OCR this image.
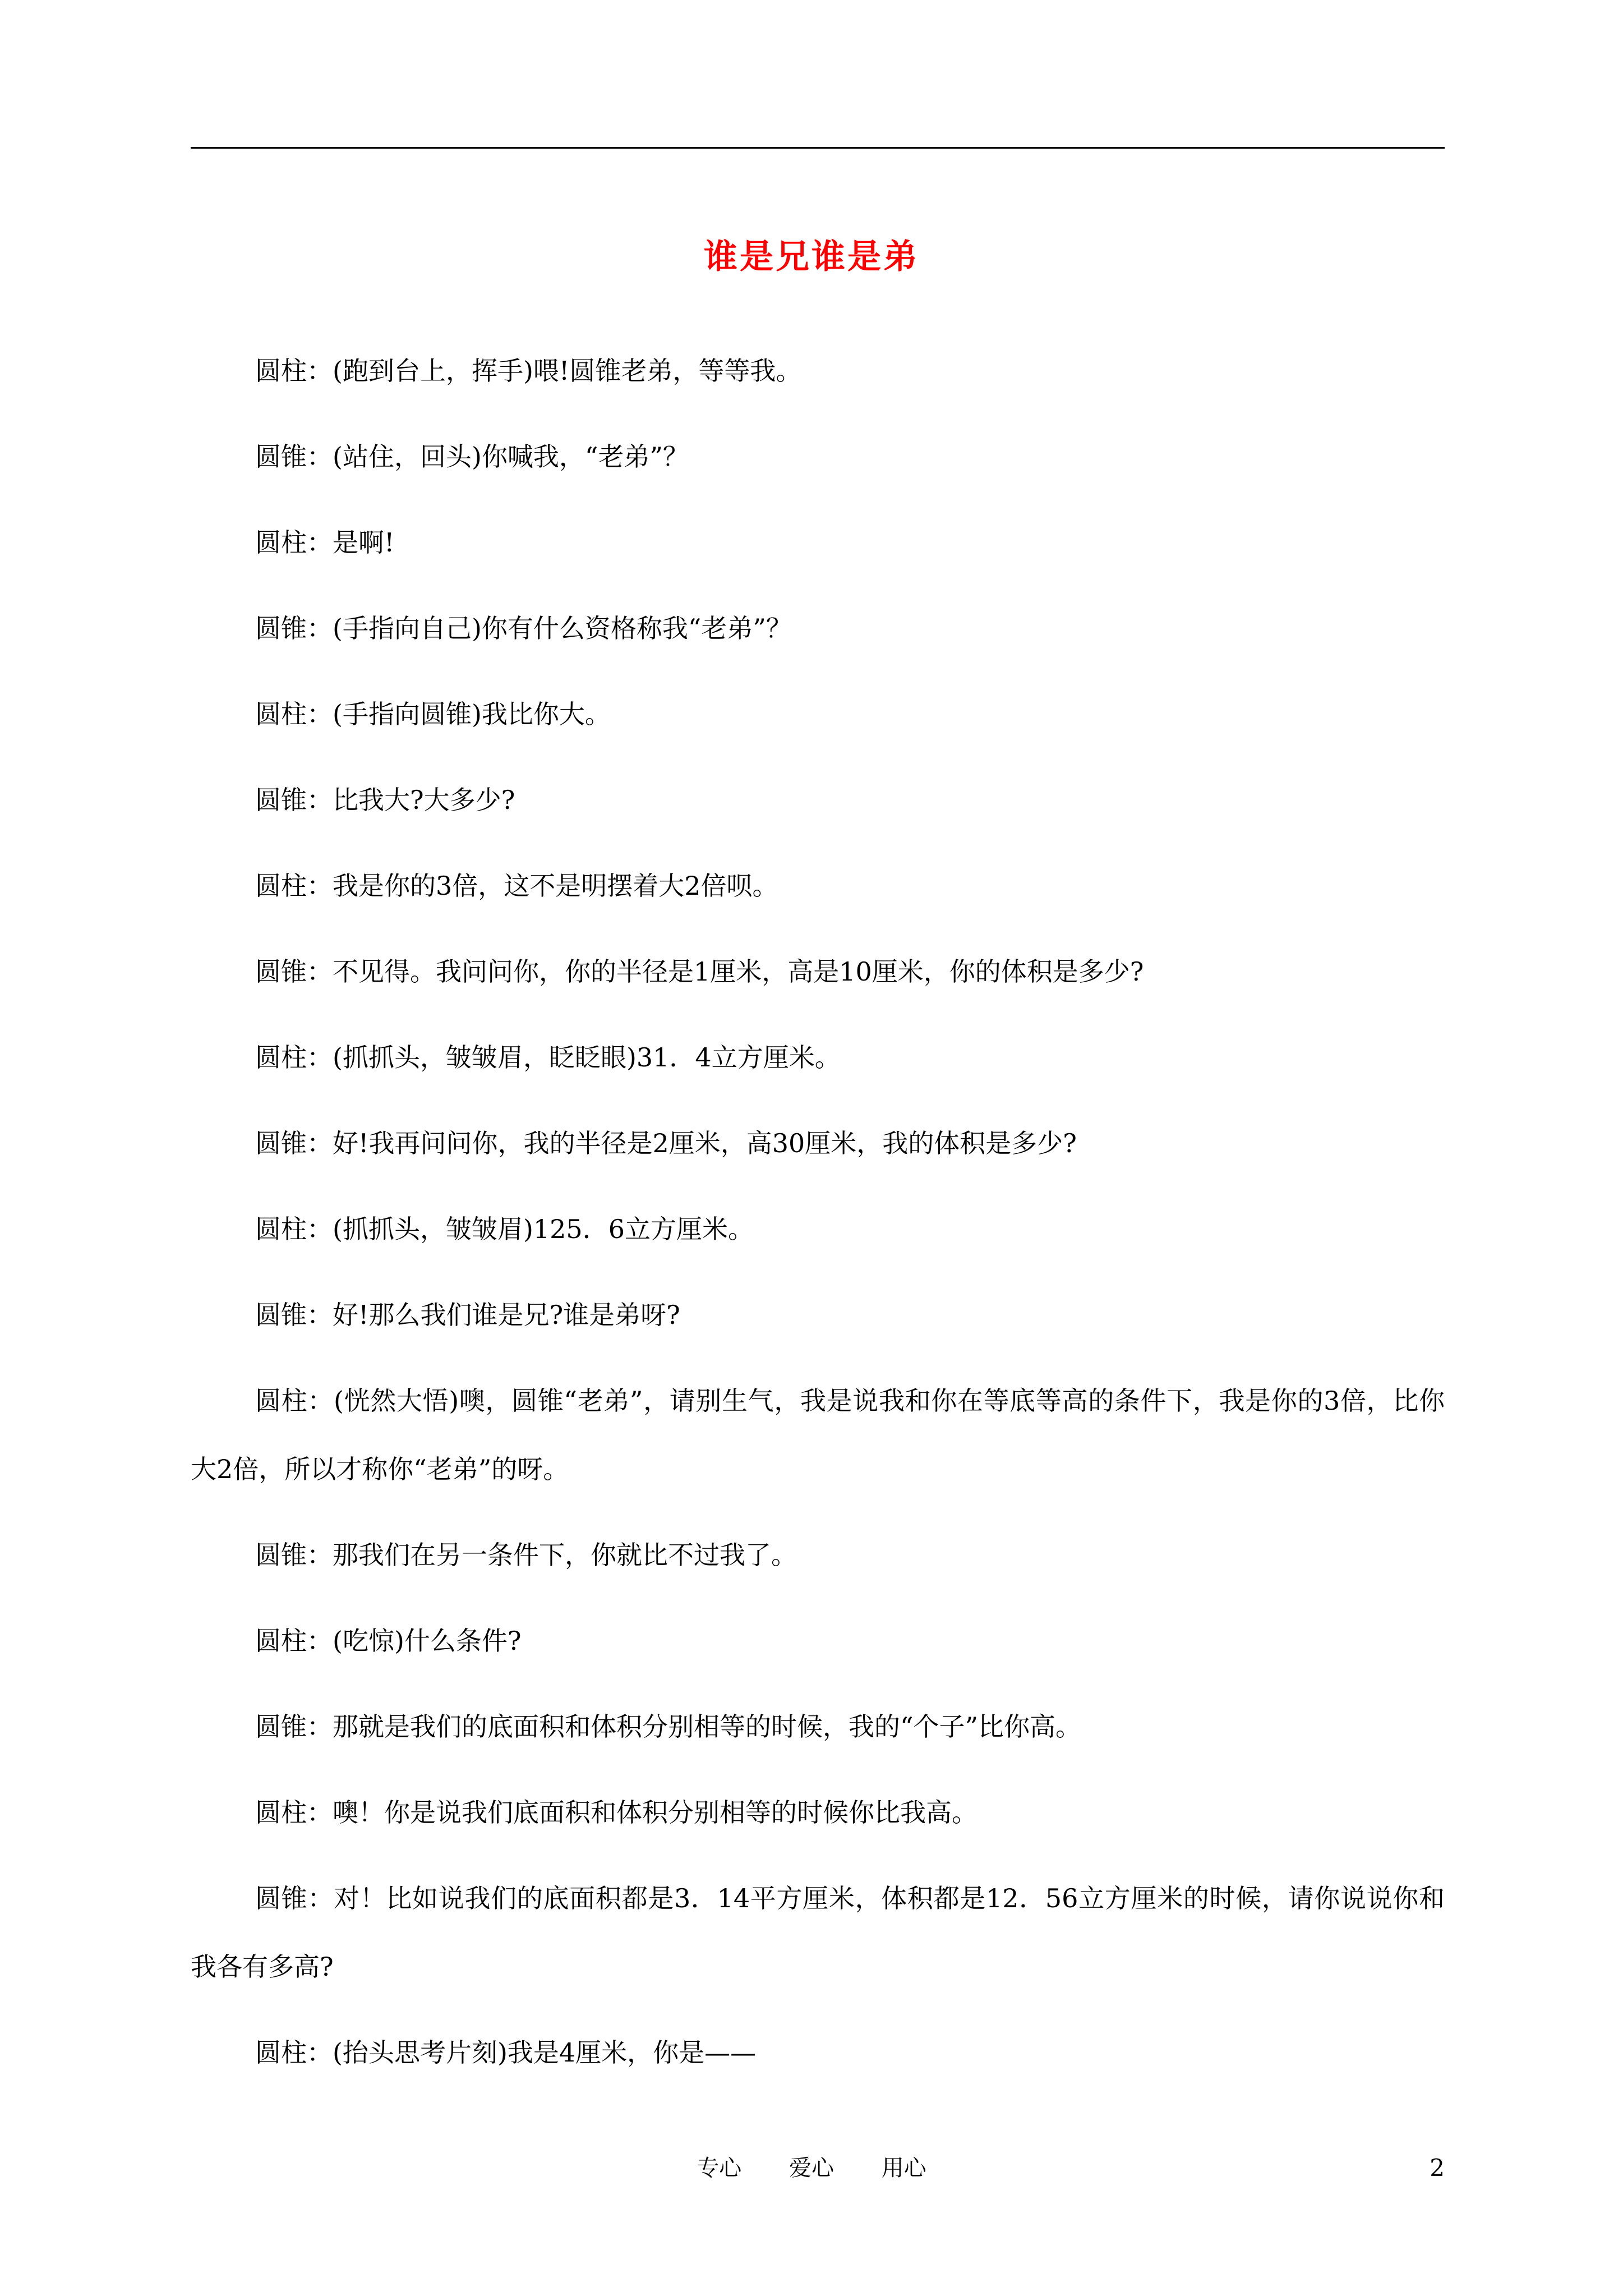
谁是兄谁是弟

圆柱：(跑到台上，挥手)喂!圆锥老弟，等等我。

圆锥：(站住，回头)你喊我，“老弟”？

圆柱：是啊!

圆锥：(手指向自己)你有什么资格称我“老弟”？

圆柱：(手指向圆锥)我比你大。

圆锥：比我大?大多少?

圆柱：我是你的3倍，这不是明摆着大2倍呗。

圆锥：不见得。我问问你，你的半径是1厘米，高是10厘米，你的体积是多少?

圆柱：(抓抓头，皱皱眉，眨眨眼)31．4立方厘米。

圆锥：好!我再问问你，我的半径是2厘米，高30厘米，我的体积是多少?

圆柱：(抓抓头，皱皱眉)125．6立方厘米。

圆锥：好!那么我们谁是兄?谁是弟呀?

圆柱：(恍然大悟)噢，圆锥“老弟”，请别生气，我是说我和你在等底等高的条件下，我是你的3倍，比你大2倍，所以才称你“老弟”的呀。

圆锥：那我们在另一条件下，你就比不过我了。

圆柱：(吃惊)什么条件?

圆锥：那就是我们的底面积和体积分别相等的时候，我的“个子”比你高。

圆柱：噢！你是说我们底面积和体积分别相等的时候你比我高。

圆锥：对！比如说我们的底面积都是3．14平方厘米，体积都是12．56立方厘米的时候，请你说说你和我各有多高?

圆柱：(抬头思考片刻)我是4厘米，你是——

专心 爱心 用心	2
